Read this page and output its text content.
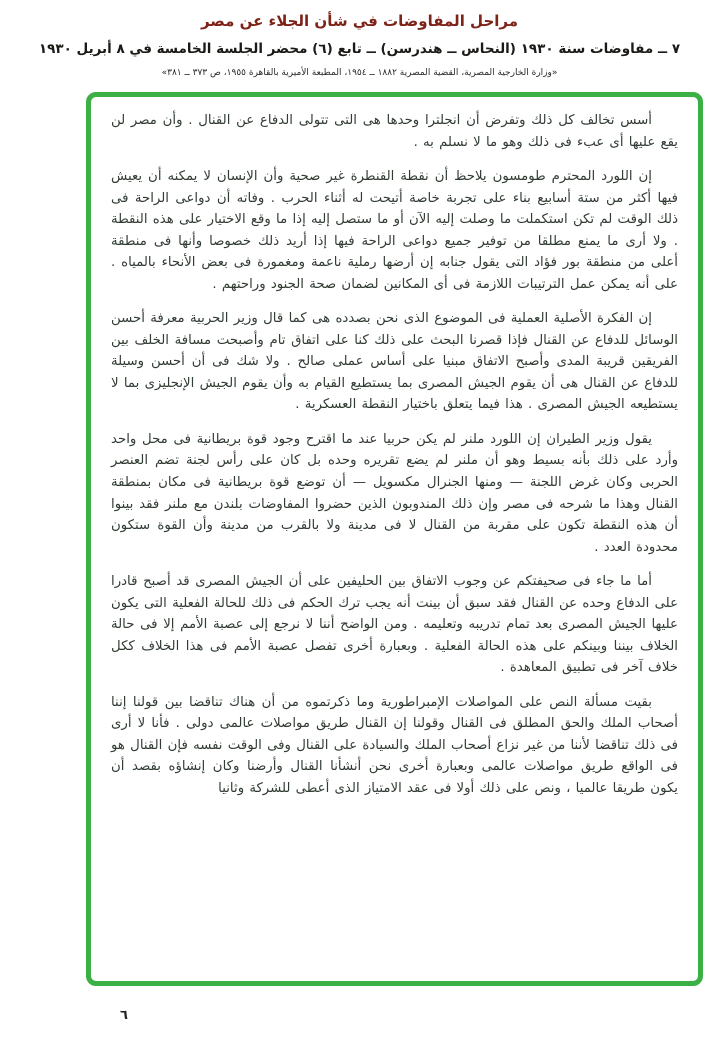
مراحل المفاوضات في شأن الجلاء عن مصر
٧ ــ مفاوضات سنة ١٩٣٠ (النحاس ــ هندرسن) ــ تابع (٦) محضر الجلسة الخامسة في ٨ أبريل ١٩٣٠
«وزارة الخارجية المصرية، القضية المصرية ١٨٨٢ ــ ١٩٥٤، المطبعة الأميرية بالقاهرة ١٩٥٥، ص ٣٧٣ ــ ٣٨١»

أسس تخالف كل ذلك وتفرض أن انجلترا وحدها هى التى تتولى الدفاع عن القنال . وأن مصر لن يقع عليها أى عبء فى ذلك وهو ما لا نسلم به .

إن اللورد المحترم طومسون يلاحظ أن نقطة القنطرة غير صحية وأن الإنسان لا يمكنه أن يعيش فيها أكثر من ستة أسابيع بناء على تجربة خاصة أتيحت له أثناء الحرب . وفاته أن دواعى الراحة فى ذلك الوقت لم تكن استكملت ما وصلت إليه الآن أو ما ستصل إليه إذا ما وقع الاختيار على هذه النقطة . ولا أرى ما يمنع مطلقا من توفير جميع دواعى الراحة فيها إذا أريد ذلك خصوصا وأنها فى منطقة أعلى من منطقة بور فؤاد التى يقول جنابه إن أرضها رملية ناعمة ومغمورة فى بعض الأنحاء بالمياه . على أنه يمكن عمل الترتيبات اللازمة فى أى المكانين لضمان صحة الجنود وراحتهم .

إن الفكرة الأصلية العملية فى الموضوع الذى نحن بصدده هى كما قال وزير الحربية معرفة أحسن الوسائل للدفاع عن القنال فإذا قصرنا البحث على ذلك كنا على اتفاق تام وأصبحت مسافة الخلف بين الفريقين قريبة المدى وأصبح الاتفاق مبنيا على أساس عملى صالح . ولا شك فى أن أحسن وسيلة للدفاع عن القنال هى أن يقوم الجيش المصرى بما يستطيع القيام به وأن يقوم الجيش الإنجليزى بما لا يستطيعه الجيش المصرى . هذا فيما يتعلق باختيار النقطة العسكرية .

يقول وزير الطيران إن اللورد ملنر لم يكن حربيا عند ما اقترح وجود قوة بريطانية فى محل واحد وأرد على ذلك بأنه بسيط وهو أن ملنر لم يضع تقريره وحده بل كان على رأس لجنة تضم العنصر الحربى وكان غرض اللجنة — ومنها الجنرال مكسويل — أن توضع قوة بريطانية فى مكان بمنطقة القنال وهذا ما شرحه فى مصر وإن ذلك المندوبون الذين حضروا المفاوضات بلندن مع ملنر فقد بينوا أن هذه النقطة تكون على مقربة من القنال لا فى مدينة ولا بالقرب من مدينة وأن القوة ستكون محدودة العدد .

أما ما جاء فى صحيفتكم عن وجوب الاتفاق بين الحليفين على أن الجيش المصرى قد أصبح قادرا على الدفاع وحده عن القنال فقد سبق أن بينت أنه يجب ترك الحكم فى ذلك للحالة الفعلية التى يكون عليها الجيش المصرى بعد تمام تدريبه وتعليمه . ومن الواضح أننا لا نرجع إلى عصبة الأمم إلا فى حالة الخلاف بيننا وبينكم على هذه الحالة الفعلية . وبعبارة أخرى تفصل عصبة الأمم فى هذا الخلاف ككل خلاف آخر فى تطبيق المعاهدة .

بقيت مسألة النص على المواصلات الإمبراطورية وما ذكرتموه من أن هناك تناقضا بين قولنا إننا أصحاب الملك والحق المطلق فى القنال وقولنا إن القنال طريق مواصلات عالمى دولى . فأنا لا أرى فى ذلك تناقضا لأننا من غير نزاع أصحاب الملك والسيادة على القنال وفى الوقت نفسه فإن القنال هو فى الواقع طريق مواصلات عالمى وبعبارة أخرى نحن أنشأنا القنال وأرضنا وكان إنشاؤه بقصد أن يكون طريقا عالميا ، ونص على ذلك أولا فى عقد الامتياز الذى أعطى للشركة وثانيا

٦
